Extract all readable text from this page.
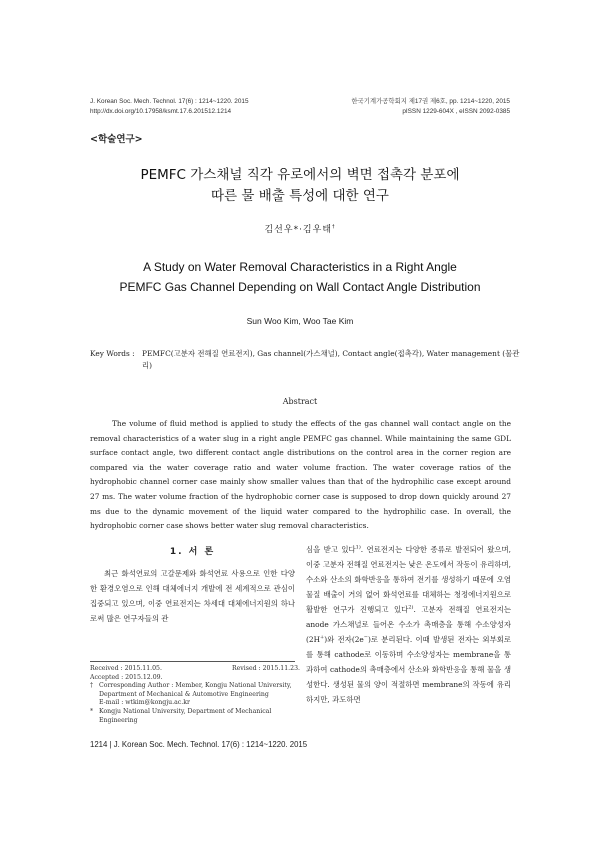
J. Korean Soc. Mech. Technol. 17(6) : 1214~1220. 2015
http://dx.doi.org/10.17958/ksmt.17.6.201512.1214
한국기계가공학회지 제17권 제6호, pp. 1214~1220, 2015
pISSN 1229-604X , eISSN 2092-0385
<학술연구>
PEMFC 가스채널 직각 유로에서의 벽면 접촉각 분포에
따른 물 배출 특성에 대한 연구
김선우*·김우태†
A Study on Water Removal Characteristics in a Right Angle
PEMFC Gas Channel Depending on Wall Contact Angle Distribution
Sun Woo Kim, Woo Tae Kim
Key Words : PEMFC(고분자 전해질 연료전지), Gas channel(가스채널), Contact angle(접촉각), Water management (물관리)
Abstract

The volume of fluid method is applied to study the effects of the gas channel wall contact angle on the removal characteristics of a water slug in a right angle PEMFC gas channel. While maintaining the same GDL surface contact angle, two different contact angle distributions on the control area in the corner region are compared via the water coverage ratio and water volume fraction. The water coverage ratios of the hydrophobic channel corner case mainly show smaller values than that of the hydrophilic case except around 27 ms. The water volume fraction of the hydrophobic corner case is supposed to drop down quickly around 27 ms due to the dynamic movement of the liquid water compared to the hydrophilic case. In overall, the hydrophobic corner case shows better water slug removal characteristics.

1. 서 론

최근 화석연료의 고갈문제와 화석연료 사용으로 인한 다양한 환경오염으로 인해 대체에너지 개발에 전 세계적으로 관심이 집중되고 있으며, 이중 연료전지는 차세대 대체에너지원의 하나로써 많은 연구자들의 관

심을 받고 있다$^{1)}$. 연료전지는 다양한 종류로 발전되어 왔으며, 이중 고분자 전해질 연료전지는 낮은 온도에서 작동이 유리하며, 수소와 산소의 화학반응을 통하여 전기를 생성하기 때문에 오염물질 배출이 거의 없어 화석연료를 대체하는 청정에너지원으로 활발한 연구가 진행되고 있다$^{2)}$. 고분자 전해질 연료전지는 anode 가스채널로 들어온 수소가 촉매층을 통해 수소양성자(2H+)와 전자(2e−)로 분리된다. 이때 발생된 전자는 외부회로를 통해 cathode로 이동하며 수소양성자는 membrane을 통과하여 cathode의 촉매층에서 산소와 화학반응을 통해 물을 생성한다. 생성된 물의 양이 적절하면 membrane의 작동에 유리하지만, 과도하면

Received : 2015.11.05.	Revised : 2015.11.23.
Accepted : 2015.12.09.
† Corresponding Author : Member, Kongju National University, Department of Mechanical & Automotive Engineering
E-mail : wtkim@kongju.ac.kr
* Kongju National University, Department of Mechanical Engineering
1214 | J. Korean Soc. Mech. Technol. 17(6) : 1214~1220. 2015
